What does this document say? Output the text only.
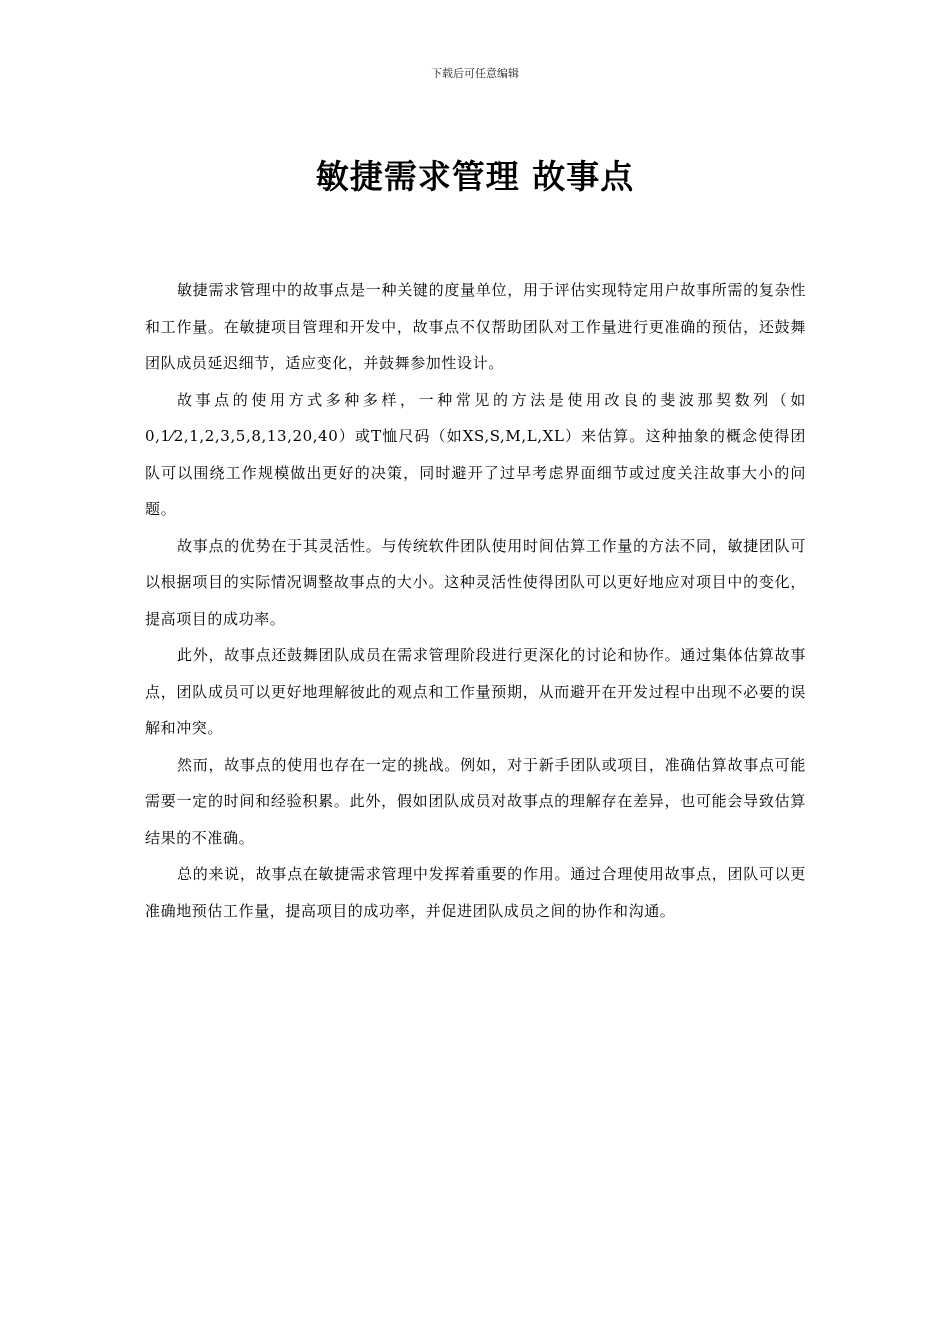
下载后可任意编辑
敏捷需求管理 故事点

敏捷需求管理中的故事点是一种关键的度量单位，用于评估实现特定用户故事所需的复杂性和工作量。在敏捷项目管理和开发中，故事点不仅帮助团队对工作量进行更准确的预估，还鼓舞团队成员延迟细节，适应变化，并鼓舞参加性设计。

故事点的使用方式多种多样，一种常见的方法是使用改良的斐波那契数列（如0,1⁄2,1,2,3,5,8,13,20,40）或T恤尺码（如XS,S,M,L,XL）来估算。这种抽象的概念使得团队可以围绕工作规模做出更好的决策，同时避开了过早考虑界面细节或过度关注故事大小的问题。

故事点的优势在于其灵活性。与传统软件团队使用时间估算工作量的方法不同，敏捷团队可以根据项目的实际情况调整故事点的大小。这种灵活性使得团队可以更好地应对项目中的变化，提高项目的成功率。

此外，故事点还鼓舞团队成员在需求管理阶段进行更深化的讨论和协作。通过集体估算故事点，团队成员可以更好地理解彼此的观点和工作量预期，从而避开在开发过程中出现不必要的误解和冲突。

然而，故事点的使用也存在一定的挑战。例如，对于新手团队或项目，准确估算故事点可能需要一定的时间和经验积累。此外，假如团队成员对故事点的理解存在差异，也可能会导致估算结果的不准确。

总的来说，故事点在敏捷需求管理中发挥着重要的作用。通过合理使用故事点，团队可以更准确地预估工作量，提高项目的成功率，并促进团队成员之间的协作和沟通。
